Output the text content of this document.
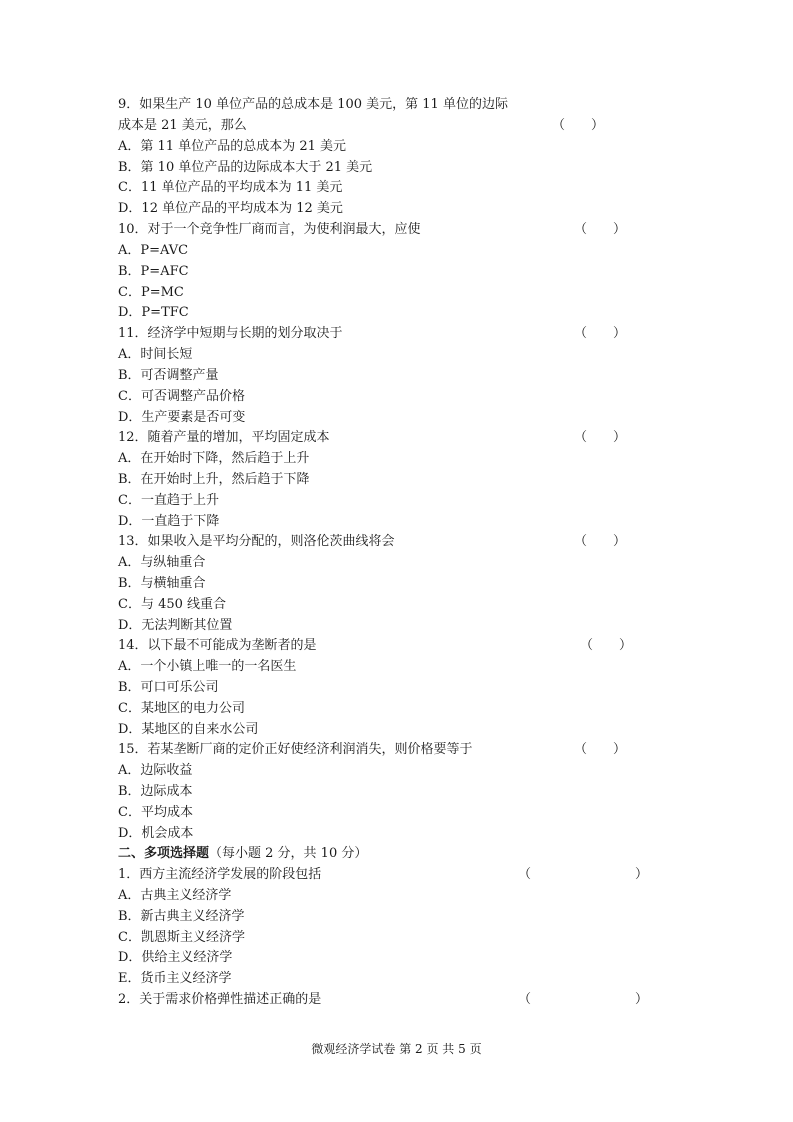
9．如果生产 10 单位产品的总成本是 100 美元，第 11 单位的边际
成本是 21 美元，那么	（　　）
A．第 11 单位产品的总成本为 21 美元
B．第 10 单位产品的边际成本大于 21 美元
C．11 单位产品的平均成本为 11 美元
D．12 单位产品的平均成本为 12 美元
10．对于一个竞争性厂商而言，为使利润最大，应使	（　　）
A．P=AVC
B．P=AFC
C．P=MC
D．P=TFC
11．经济学中短期与长期的划分取决于	（　　）
A．时间长短
B．可否调整产量
C．可否调整产品价格
D．生产要素是否可变
12．随着产量的增加，平均固定成本	（　　）
A．在开始时下降，然后趋于上升
B．在开始时上升，然后趋于下降
C．一直趋于上升
D．一直趋于下降
13．如果收入是平均分配的，则洛伦茨曲线将会	（　　）
A．与纵轴重合
B．与横轴重合
C．与 450 线重合
D．无法判断其位置
14．以下最不可能成为垄断者的是	（　　）
A．一个小镇上唯一的一名医生
B．可口可乐公司
C．某地区的电力公司
D．某地区的自来水公司
15．若某垄断厂商的定价正好使经济利润消失，则价格要等于	（　　）
A．边际收益
B．边际成本
C．平均成本
D．机会成本
二、多项选择题（每小题 2 分，共 10 分）
1．西方主流经济学发展的阶段包括	（　　　　　　　　）
A．古典主义经济学
B．新古典主义经济学
C．凯恩斯主义经济学
D．供给主义经济学
E．货币主义经济学
2．关于需求价格弹性描述正确的是	（　　　　　　　　）
微观经济学试卷 第 2 页 共 5 页
